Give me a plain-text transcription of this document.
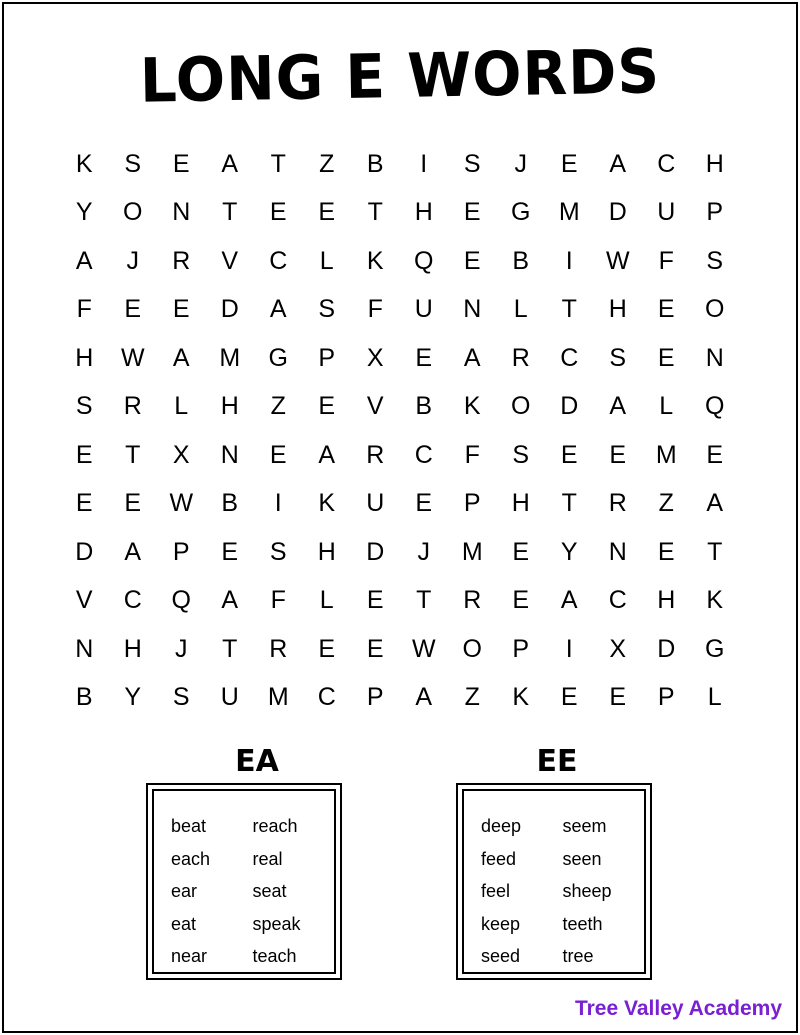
LONG E WORDS
K	S	E	A	T	Z	B	I	S	J	E	A	C	H
Y	O	N	T	E	E	T	H	E	G	M	D	U	P
A	J	R	V	C	L	K	Q	E	B	I	W	F	S
F	E	E	D	A	S	F	U	N	L	T	H	E	O
H	W	A	M	G	P	X	E	A	R	C	S	E	N
S	R	L	H	Z	E	V	B	K	O	D	A	L	Q
E	T	X	N	E	A	R	C	F	S	E	E	M	E
E	E	W	B	I	K	U	E	P	H	T	R	Z	A
D	A	P	E	S	H	D	J	M	E	Y	N	E	T
V	C	Q	A	F	L	E	T	R	E	A	C	H	K
N	H	J	T	R	E	E	W	O	P	I	X	D	G
B	Y	S	U	M	C	P	A	Z	K	E	E	P	L
EA
beat
each
ear
eat
near
reach
real
seat
speak
teach
EE
deep
feed
feel
keep
seed
seem
seen
sheep
teeth
tree
Tree Valley Academy
